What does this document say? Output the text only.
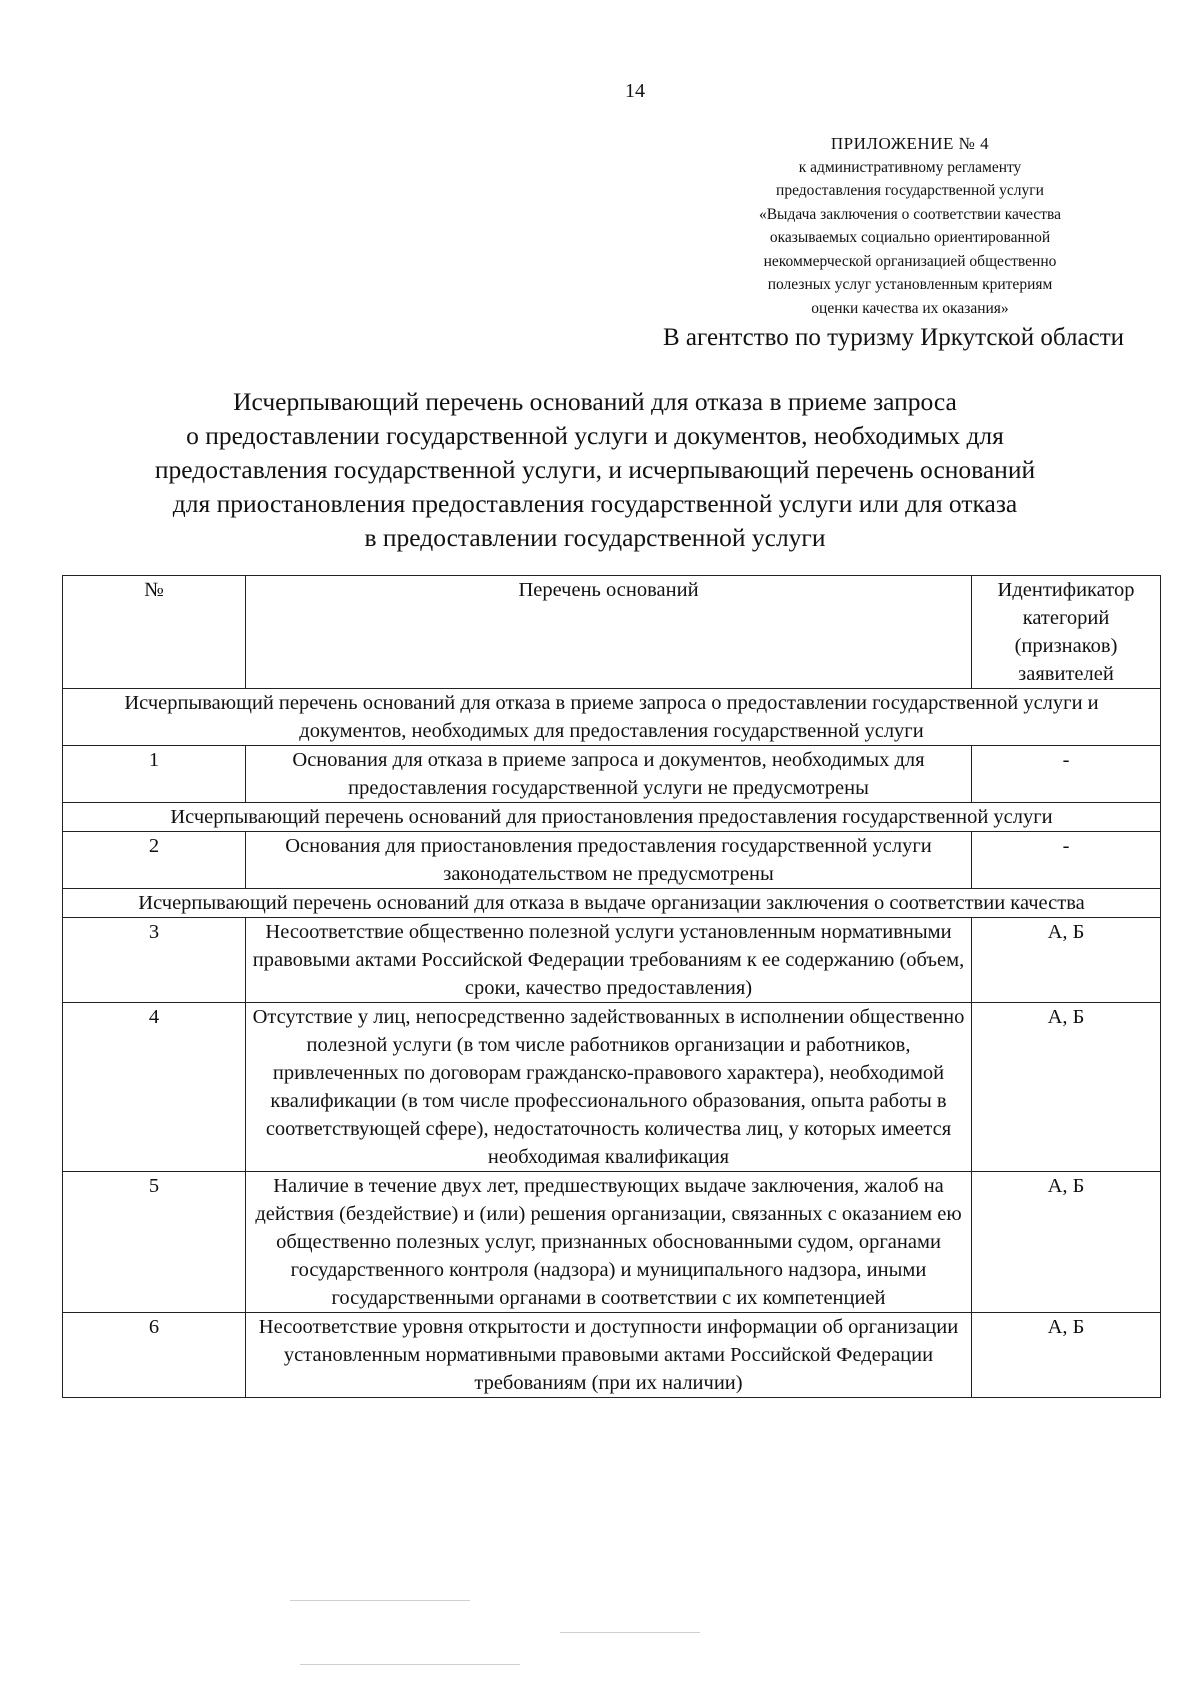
14
ПРИЛОЖЕНИЕ № 4
к административному регламенту
предоставления государственной услуги
«Выдача заключения о соответствии качества
оказываемых социально ориентированной
некоммерческой организацией общественно
полезных услуг установленным критериям
оценки качества их оказания»
В агентство по туризму Иркутской области
Исчерпывающий перечень оснований для отказа в приеме запроса
о предоставлении государственной услуги и документов, необходимых для
предоставления государственной услуги, и исчерпывающий перечень оснований
для приостановления предоставления государственной услуги или для отказа
в предоставлении государственной услуги
№	Перечень оснований	Идентификатор категорий (признаков) заявителей
Исчерпывающий перечень оснований для отказа в приеме запроса о предоставлении государственной услуги и документов, необходимых для предоставления государственной услуги		
1	Основания для отказа в приеме запроса и документов, необходимых для предоставления государственной услуги не предусмотрены	-
Исчерпывающий перечень оснований для приостановления предоставления государственной услуги		
2	Основания для приостановления предоставления государственной услуги законодательством не предусмотрены	-
Исчерпывающий перечень оснований для отказа в выдаче организации заключения о соответствии качества		
3	Несоответствие общественно полезной услуги установленным нормативными правовыми актами Российской Федерации требованиям к ее содержанию (объем, сроки, качество предоставления)	А, Б
4	Отсутствие у лиц, непосредственно задействованных в исполнении общественно полезной услуги (в том числе работников организации и работников, привлеченных по договорам гражданско-правового характера), необходимой квалификации (в том числе профессионального образования, опыта работы в соответствующей сфере), недостаточность количества лиц, у которых имеется необходимая квалификация	А, Б
5	Наличие в течение двух лет, предшествующих выдаче заключения, жалоб на действия (бездействие) и (или) решения организации, связанных с оказанием ею общественно полезных услуг, признанных обоснованными судом, органами государственного контроля (надзора) и муниципального надзора, иными государственными органами в соответствии с их компетенцией	А, Б
6	Несоответствие уровня открытости и доступности информации об организации установленным нормативными правовыми актами Российской Федерации требованиям (при их наличии)	А, Б
